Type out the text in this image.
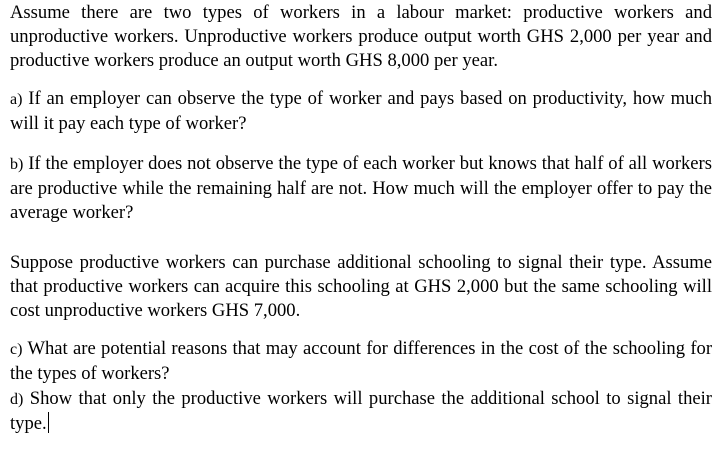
Assume there are two types of workers in a labour market: productive workers and unproductive workers. Unproductive workers produce output worth GHS 2,000 per year and productive workers produce an output worth GHS 8,000 per year.

a) If an employer can observe the type of worker and pays based on productivity, how much will it pay each type of worker?

b) If the employer does not observe the type of each worker but knows that half of all workers are productive while the remaining half are not. How much will the employer offer to pay the average worker?

Suppose productive workers can purchase additional schooling to signal their type. Assume that productive workers can acquire this schooling at GHS 2,000 but the same schooling will cost unproductive workers GHS 7,000.

c) What are potential reasons that may account for differences in the cost of the schooling for the types of workers?

d) Show that only the productive workers will purchase the additional school to signal their type.
